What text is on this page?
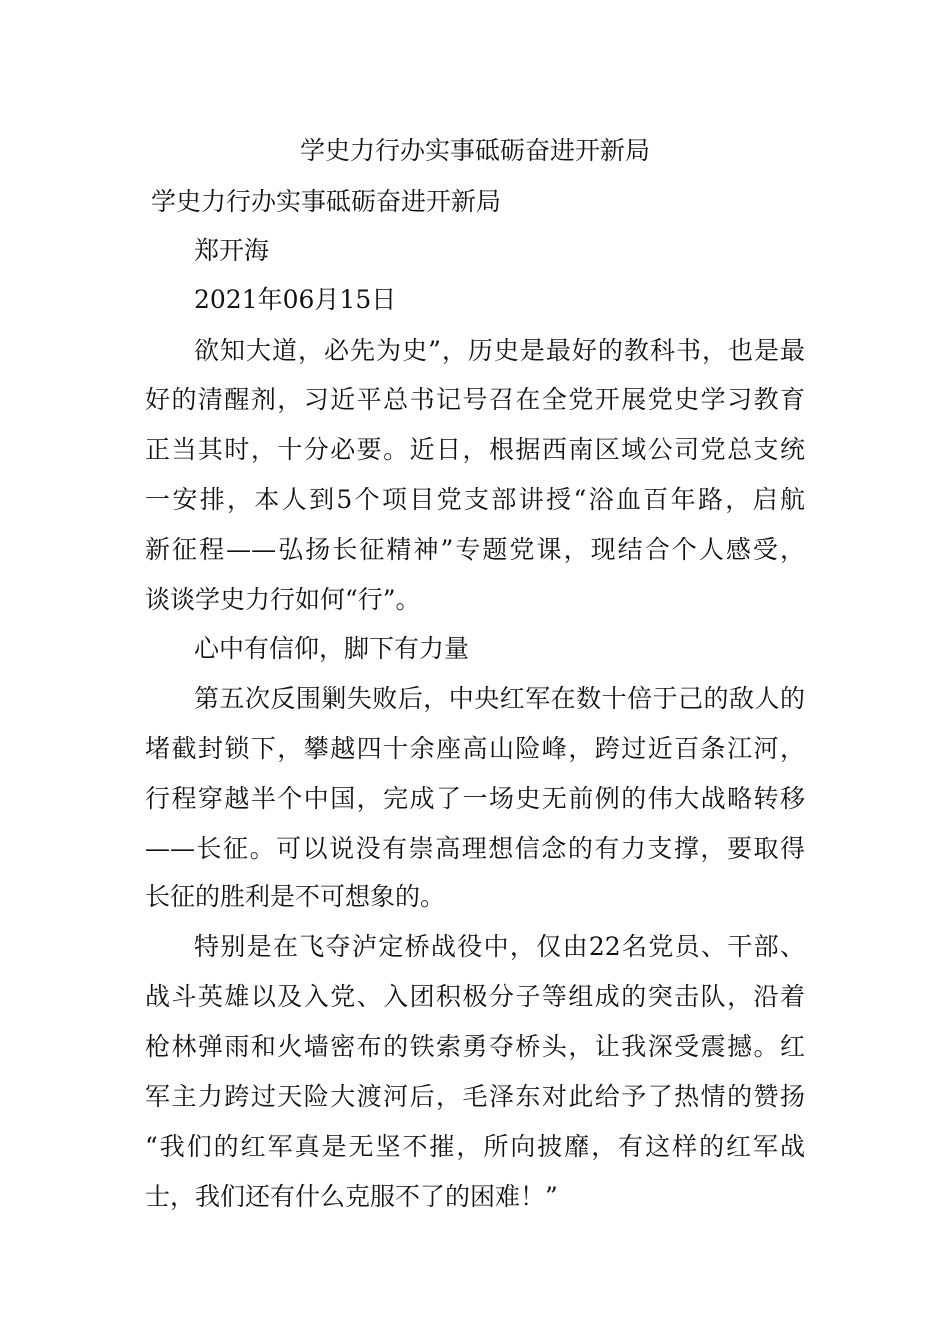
学史力行办实事砥砺奋进开新局
学史力行办实事砥砺奋进开新局
郑开海
2021年06月15日
欲知大道，必先为史”，历史是最好的教科书，也是最
好的清醒剂，习近平总书记号召在全党开展党史学习教育
正当其时，十分必要。近日，根据西南区域公司党总支统
一安排，本人到5个项目党支部讲授“浴血百年路，启航
新征程——弘扬长征精神”专题党课，现结合个人感受，
谈谈学史力行如何“行”。
心中有信仰，脚下有力量
第五次反围剿失败后，中央红军在数十倍于己的敌人的
堵截封锁下，攀越四十余座高山险峰，跨过近百条江河，
行程穿越半个中国，完成了一场史无前例的伟大战略转移
——长征。可以说没有崇高理想信念的有力支撑，要取得
长征的胜利是不可想象的。
特别是在飞夺泸定桥战役中，仅由22名党员、干部、
战斗英雄以及入党、入团积极分子等组成的突击队，沿着
枪林弹雨和火墙密布的铁索勇夺桥头，让我深受震撼。红
军主力跨过天险大渡河后，毛泽东对此给予了热情的赞扬
“我们的红军真是无坚不摧，所向披靡，有这样的红军战
士，我们还有什么克服不了的困难！”
